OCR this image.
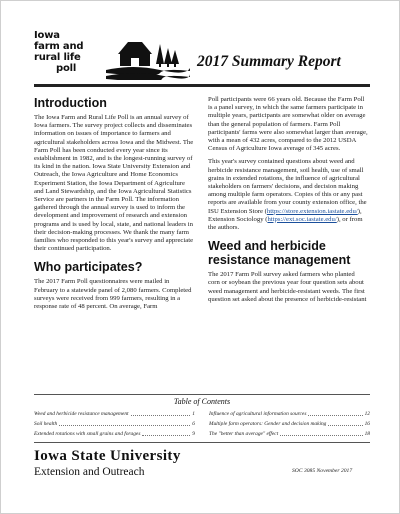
Iowa
farm and
rural life
poll	2017 Summary Report
Introduction

The Iowa Farm and Rural Life Poll is an annual survey of Iowa farmers. The survey project collects and disseminates information on issues of importance to farmers and agricultural stakeholders across Iowa and the Midwest. The Farm Poll has been conducted every year since its establishment in 1982, and is the longest-running survey of its kind in the nation. Iowa State University Extension and Outreach, the Iowa Agriculture and Home Economics Experiment Station, the Iowa Department of Agriculture and Land Stewardship, and the Iowa Agricultural Statistics Service are partners in the Farm Poll. The information gathered through the annual survey is used to inform the development and improvement of research and extension programs and is used by local, state, and national leaders in their decision-making processes. We thank the many farm families who responded to this year's survey and appreciate their continued participation.

Who participates?

The 2017 Farm Poll questionnaires were mailed in February to a statewide panel of 2,080 farmers. Completed surveys were received from 999 farmers, resulting in a response rate of 48 percent. On average, Farm

Poll participants were 66 years old. Because the Farm Poll is a panel survey, in which the same farmers participate in multiple years, participants are somewhat older on average than the general population of farmers. Farm Poll participants' farms were also somewhat larger than average, with a mean of 432 acres, compared to the 2012 USDA Census of Agriculture Iowa average of 345 acres.

This year's survey contained questions about weed and herbicide resistance management, soil health, use of small grains in extended rotations, the influence of agricultural stakeholders on farmers' decisions, and decision making among multiple farm operators. Copies of this or any past reports are available from your county extension office, the ISU Extension Store (https://store.extension.iastate.edu/), Extension Sociology (https://ext.soc.iastate.edu/), or from the authors.

Weed and herbicide resistance management

The 2017 Farm Poll survey asked farmers who planted corn or soybean the previous year four question sets about weed management and herbicide-resistant weeds. The first question set asked about the presence of herbicide-resistant

Table of Contents
Weed and herbicide resistance management	1
Soil health	6
Extended rotations with small grains and forages	9
Influence of agricultural information sources	12
Multiple farm operators: Gender and decision making	16
The "better than average" effect	18
Iowa State University
Extension and Outreach	SOC 3085 November 2017
